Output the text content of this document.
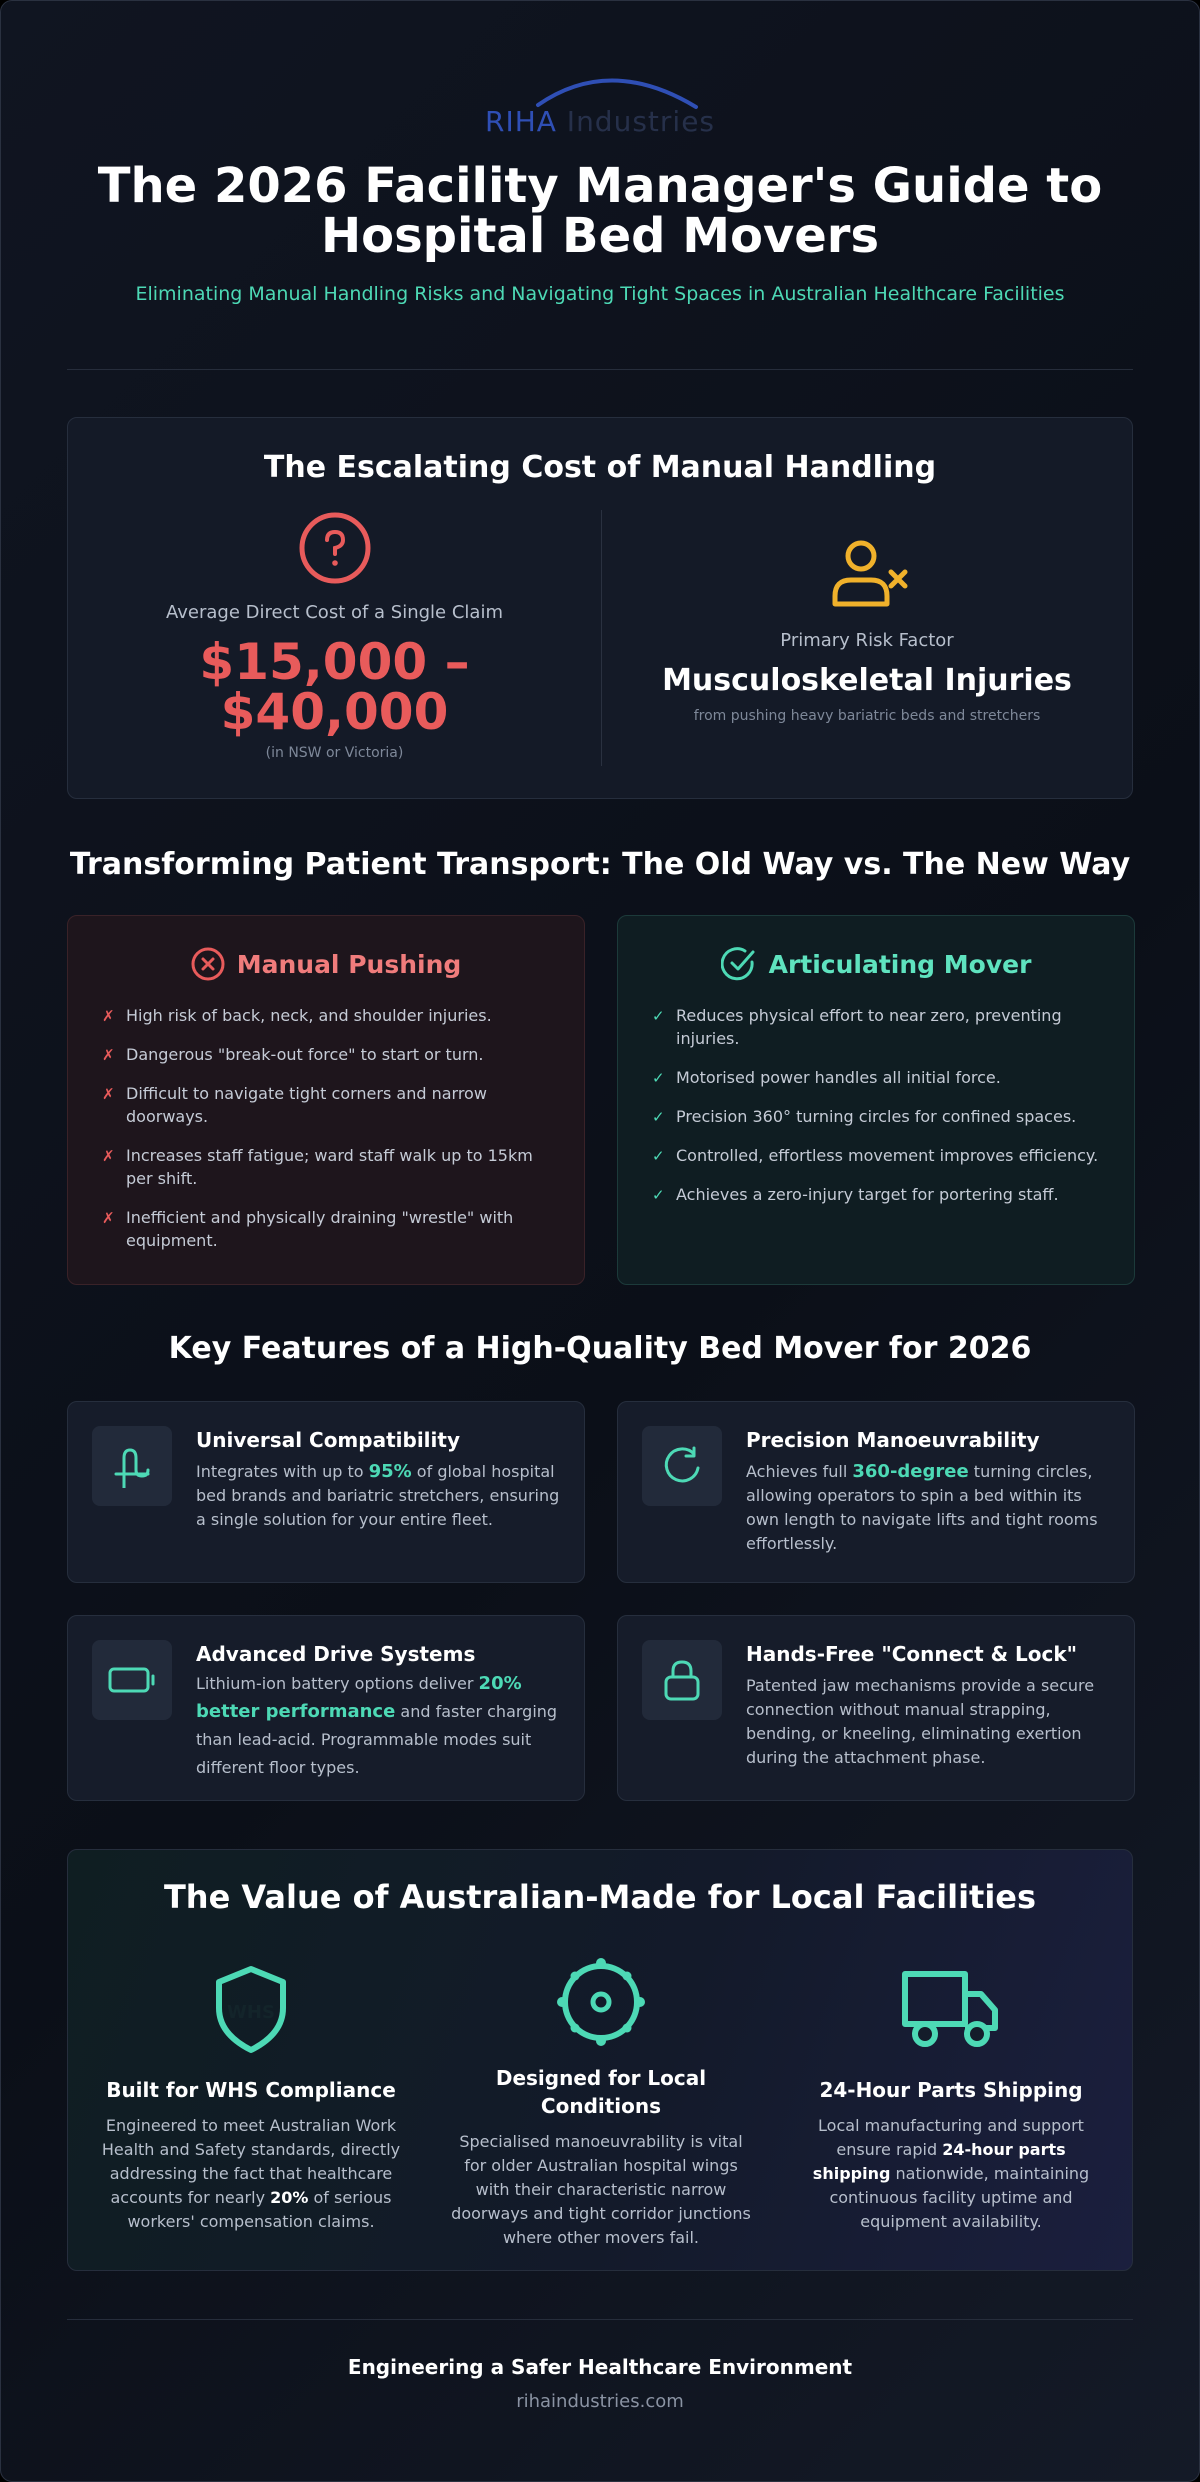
RIHA Industries
The 2026 Facility Manager's Guide to Hospital Bed Movers

Eliminating Manual Handling Risks and Navigating Tight Spaces in Australian Healthcare Facilities

The Escalating Cost of Manual Handling
Average Direct Cost of a Single Claim
$15,000 –
$40,000
(in NSW or Victoria)
Primary Risk Factor
Musculoskeletal Injuries
from pushing heavy bariatric beds and stretchers
Transforming Patient Transport: The Old Way vs. The New Way
Manual Pushing
✗ High risk of back, neck, and shoulder injuries.
✗ Dangerous "break-out force" to start or turn.
✗ Difficult to navigate tight corners and narrow doorways.
✗ Increases staff fatigue; ward staff walk up to 15km per shift.
✗ Inefficient and physically draining "wrestle" with equipment.
Articulating Mover
✓ Reduces physical effort to near zero, preventing injuries.
✓ Motorised power handles all initial force.
✓ Precision 360° turning circles for confined spaces.
✓ Controlled, effortless movement improves efficiency.
✓ Achieves a zero-injury target for portering staff.
Key Features of a High-Quality Bed Mover for 2026
Universal Compatibility
Integrates with up to 95% of global hospital bed brands and bariatric stretchers, ensuring a single solution for your entire fleet.
Precision Manoeuvrability
Achieves full 360-degree turning circles, allowing operators to spin a bed within its own length to navigate lifts and tight rooms effortlessly.
Advanced Drive Systems
Lithium-ion battery options deliver 20% better performance and faster charging than lead-acid. Programmable modes suit different floor types.
Hands-Free "Connect & Lock"
Patented jaw mechanisms provide a secure connection without manual strapping, bending, or kneeling, eliminating exertion during the attachment phase.
The Value of Australian-Made for Local Facilities
WHS
Built for WHS Compliance
Engineered to meet Australian Work Health and Safety standards, directly addressing the fact that healthcare accounts for nearly 20% of serious workers' compensation claims.
Designed for Local Conditions
Specialised manoeuvrability is vital for older Australian hospital wings with their characteristic narrow doorways and tight corridor junctions where other movers fail.
24-Hour Parts Shipping
Local manufacturing and support ensure rapid 24-hour parts shipping nationwide, maintaining continuous facility uptime and equipment availability.
Engineering a Safer Healthcare Environment
rihaindustries.com
